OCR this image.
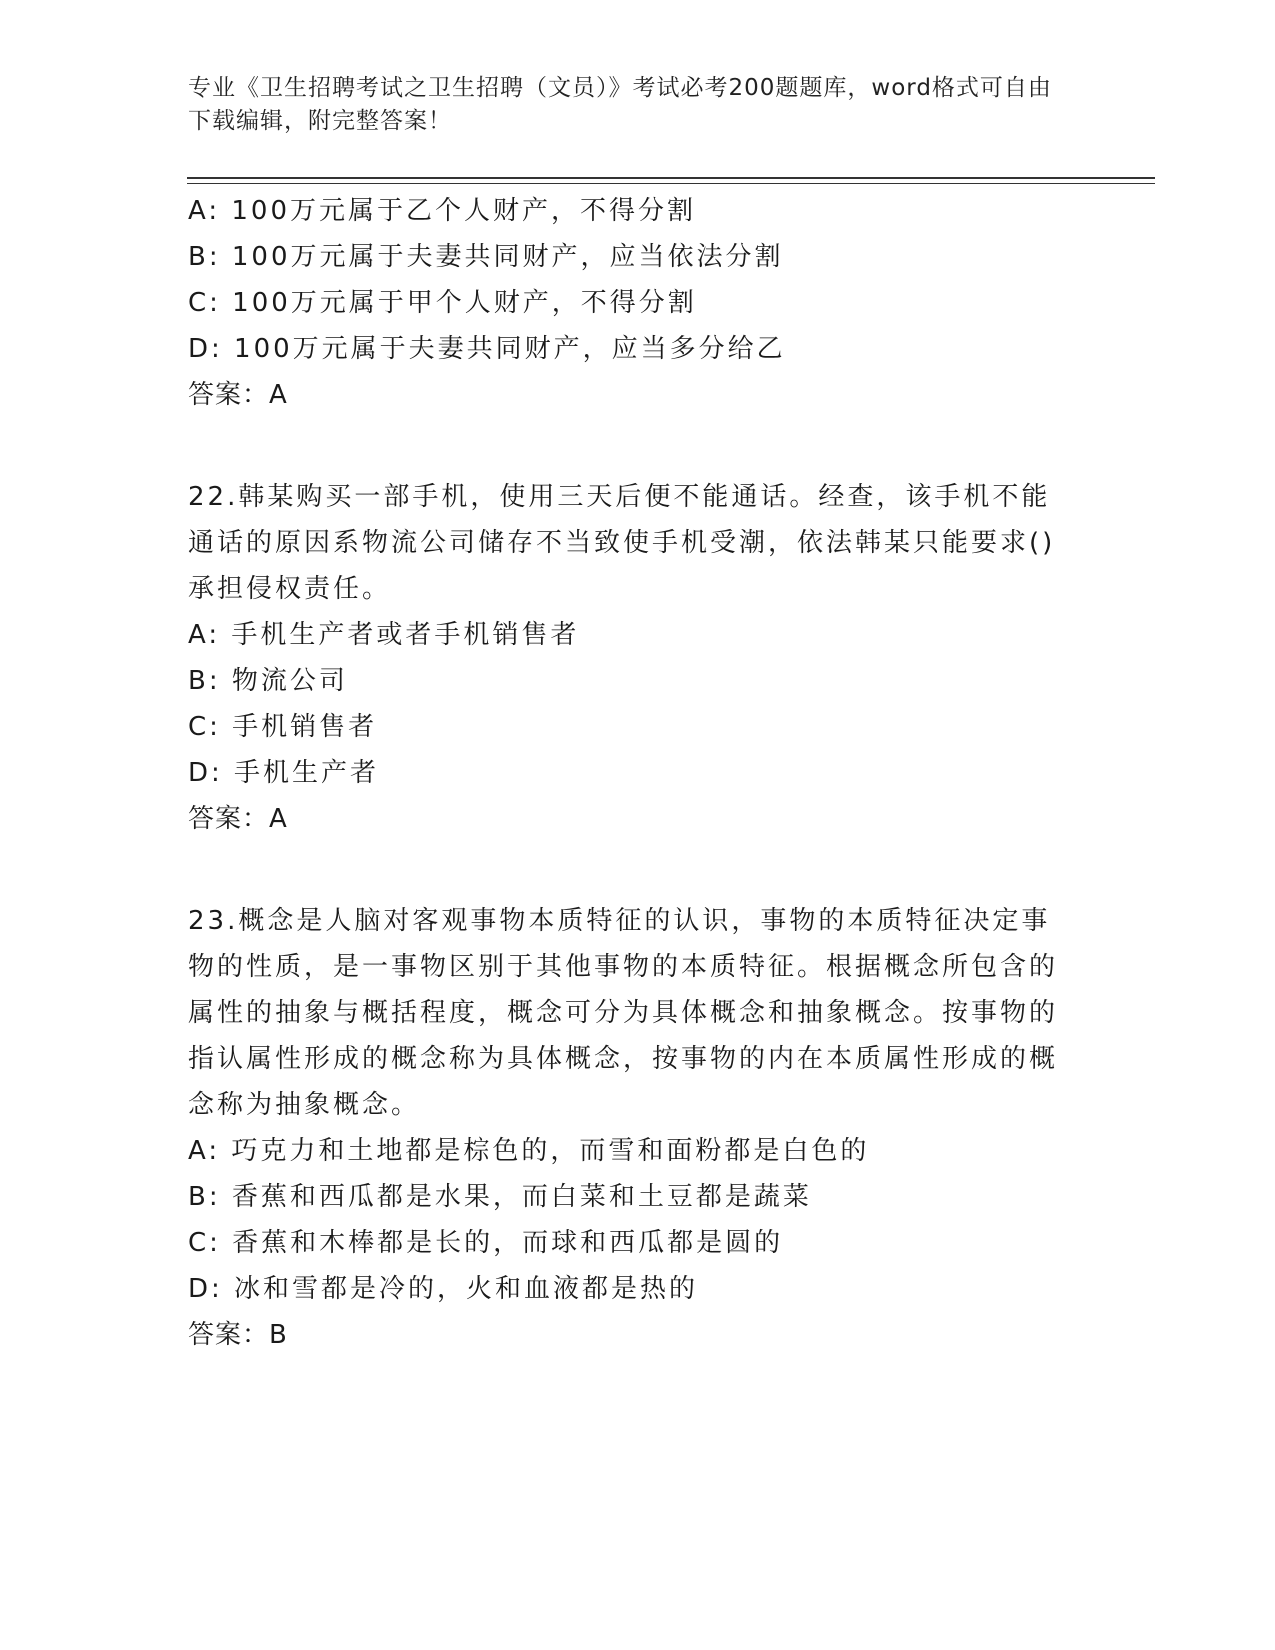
专业《卫生招聘考试之卫生招聘（文员）》考试必考200题题库，word格式可自由下载编辑，附完整答案！
A: 100万元属于乙个人财产，不得分割
B: 100万元属于夫妻共同财产，应当依法分割
C: 100万元属于甲个人财产，不得分割
D: 100万元属于夫妻共同财产，应当多分给乙
答案：A
22.韩某购买一部手机，使用三天后便不能通话。经查，该手机不能通话的原因系物流公司储存不当致使手机受潮，依法韩某只能要求()承担侵权责任。
A: 手机生产者或者手机销售者
B: 物流公司
C: 手机销售者
D: 手机生产者
答案：A
23.概念是人脑对客观事物本质特征的认识，事物的本质特征决定事物的性质，是一事物区别于其他事物的本质特征。根据概念所包含的属性的抽象与概括程度，概念可分为具体概念和抽象概念。按事物的指认属性形成的概念称为具体概念，按事物的内在本质属性形成的概念称为抽象概念。
A: 巧克力和土地都是棕色的，而雪和面粉都是白色的
B: 香蕉和西瓜都是水果，而白菜和土豆都是蔬菜
C: 香蕉和木棒都是长的，而球和西瓜都是圆的
D: 冰和雪都是冷的，火和血液都是热的
答案：B
